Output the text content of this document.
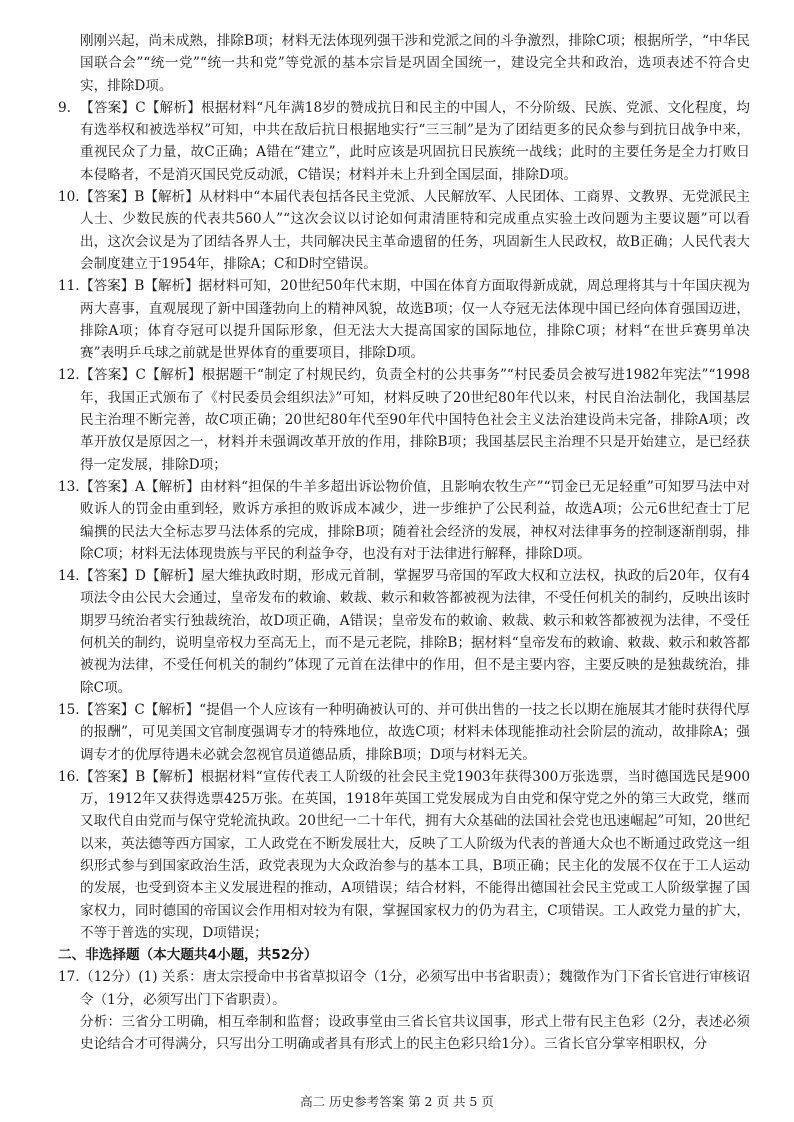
刚刚兴起，尚未成熟，排除B项；材料无法体现列强干涉和党派之间的斗争激烈，排除C项；根据所学，“中华民国联合会”“统一党”“统一共和党”等党派的基本宗旨是巩固全国统一，建设完全共和政治，选项表述不符合史实，排除D项。

9. 【答案】C【解析】根据材料“凡年满18岁的赞成抗日和民主的中国人，不分阶级、民族、党派、文化程度，均有选举权和被选举权”可知，中共在敌后抗日根据地实行“三三制”是为了团结更多的民众参与到抗日战争中来，重视民众了力量，故C正确；A错在“建立”，此时应该是巩固抗日民族统一战线；此时的主要任务是全力打败日本侵略者，不是消灭国民党反动派，C错误；材料并未上升到全国层面，排除D项。
10. 【答案】B【解析】从材料中“本届代表包括各民主党派、人民解放军、人民团体、工商界、文教界、无党派民主人士、少数民族的代表共560人”“这次会议以讨论如何肃清匪特和完成重点实验土改问题为主要议题”可以看出，这次会议是为了团结各界人士，共同解决民主革命遗留的任务，巩固新生人民政权，故B正确；人民代表大会制度建立于1954年，排除A；C和D时空错误。
11. 【答案】B【解析】据材料可知，20世纪50年代末期，中国在体育方面取得新成就，周总理将其与十年国庆视为两大喜事，直观展现了新中国蓬勃向上的精神风貌，故选B项；仅一人夺冠无法体现中国已经向体育强国迈进，排除A项；体育夺冠可以提升国际形象，但无法大大提高国家的国际地位，排除C项；材料“在世乒赛男单决赛”表明乒乓球之前就是世界体育的重要项目，排除D项。
12. 【答案】C【解析】根据题干“制定了村规民约，负责全村的公共事务”“村民委员会被写进1982年宪法”“1998年，我国正式颁布了《村民委员会组织法》”可知，材料反映了20世纪80年代以来，村民自治法制化，我国基层民主治理不断完善，故C项正确；20世纪80年代至90年代中国特色社会主义法治建设尚未完备，排除A项；改革开放仅是原因之一，材料并未强调改革开放的作用，排除B项；我国基层民主治理不只是开始建立，是已经获得一定发展，排除D项；
13. 【答案】A【解析】由材料“担保的牛羊多超出诉讼物价值，且影响农牧生产”“罚金已无足轻重”可知罗马法中对败诉人的罚金由重到轻，败诉方承担的败诉成本减少，进一步维护了公民利益，故选A项；公元6世纪查士丁尼编撰的民法大全标志罗马法体系的完成，排除B项；随着社会经济的发展，神权对法律事务的控制逐渐削弱，排除C项；材料无法体现贵族与平民的利益争夺，也没有对于法律进行解释，排除D项。
14. 【答案】D【解析】屋大维执政时期，形成元首制，掌握罗马帝国的军政大权和立法权，执政的后20年，仅有4项法令由公民大会通过，皇帝发布的敕谕、敕裁、敕示和敕答都被视为法律，不受任何机关的制约，反映出该时期罗马统治者实行独裁统治，故D项正确，A错误；皇帝发布的敕谕、敕裁、敕示和敕答都被视为法律，不受任何机关的制约，说明皇帝权力至高无上，而不是元老院，排除B；据材料“皇帝发布的敕谕、敕裁、敕示和敕答都被视为法律，不受任何机关的制约”体现了元首在法律中的作用，但不是主要内容，主要反映的是独裁统治，排除C项。
15. 【答案】C【解析】“提倡一个人应该有一种明确被认可的、并可供出售的一技之长以期在施展其才能时获得代厚的报酬”，可见美国文官制度强调专才的特殊地位，故选C项；材料未体现能推动社会阶层的流动，故排除A；强调专才的优厚待遇未必就会忽视官员道德品质，排除B项；D项与材料无关。
16. 【答案】B【解析】根据材料“宣传代表工人阶级的社会民主党1903年获得300万张选票，当时德国选民是900万，1912年又获得选票425万张。在英国，1918年英国工党发展成为自由党和保守党之外的第三大政党，继而又取代自由党而与保守党轮流执政。20世纪一二十年代，拥有大众基础的法国社会党也迅速崛起”可知，20世纪以来，英法德等西方国家，工人政党在不断发展壮大，反映了工人阶级为代表的普通大众也不断通过政党这一组织形式参与到国家政治生活，政党表现为大众政治参与的基本工具，B项正确；民主化的发展不仅在于工人运动的发展，也受到资本主义发展进程的推动，A项错误；结合材料，不能得出德国社会民主党或工人阶级掌握了国家权力，同时德国的帝国议会作用相对较为有限，掌握国家权力的仍为君主，C项错误。工人政党力量的扩大，不等于普选的实现，D项错误；

二、非选择题（本大题共4小题，共52分）

17. （12分）(1) 关系：唐太宗授命中书省草拟诏令（1分，必须写出中书省职责）；魏徵作为门下省长官进行审核诏令（1分，必须写出门下省职责）。

分析：三省分工明确，相互牵制和监督；设政事堂由三省长官共议国事，形式上带有民主色彩（2分，表述必须史论结合才可得满分，只写出分工明确或者具有形式上的民主色彩只给1分）。三省长官分掌宰相职权，分

高二 历史参考答案 第 2 页 共 5 页
